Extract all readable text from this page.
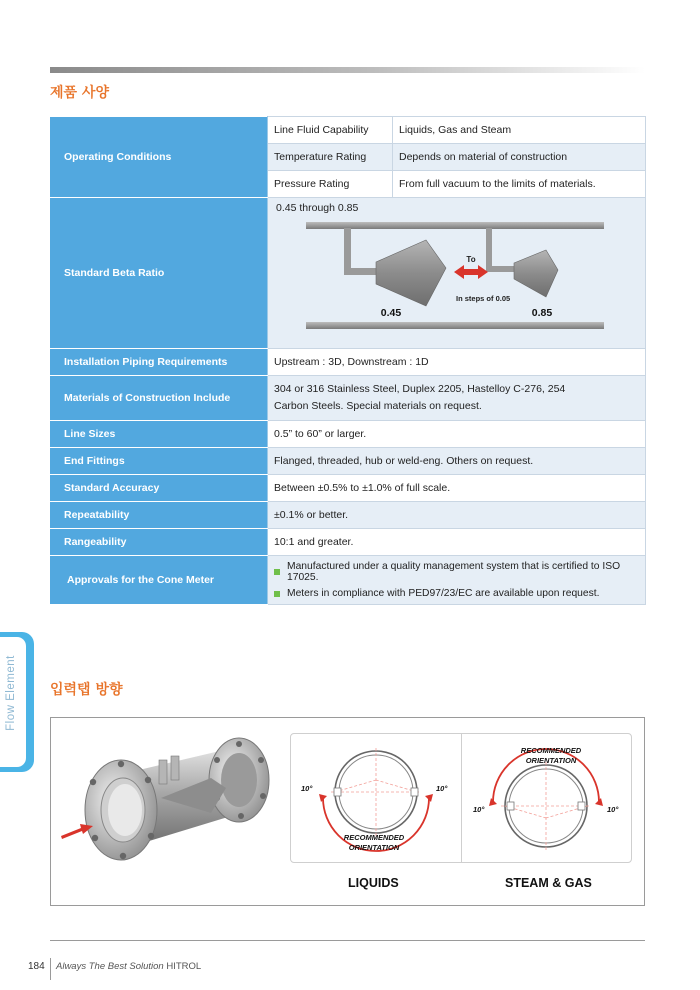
제품 사양
Operating Conditions	Line Fluid Capability	Liquids, Gas and Steam
	Temperature Rating	Depends on material of construction
	Pressure Rating	From full vacuum to the limits of materials.
Standard Beta Ratio	0.45 through 0.85
To
In steps of 0.05
0.45 0.85	

Installation Piping Requirements	Upstream : 3D, Downstream : 1D	
Materials of Construction Include	304 or 316 Stainless Steel, Duplex 2205, Hastelloy C-276, 254
Carbon Steels. Special materials on request.	

Line Sizes	0.5” to 60” or larger.	
End Fittings	Flanged, threaded, hub or weld-eng. Others on request.	
Standard Accuracy	Between ±0.5% to ±1.0% of full scale.	
Repeatability	±0.1% or better.	
Rangeability	10:1 and greater.	
Approvals for the Cone Meter	Manufactured under a quality management system that is certified to ISO 17025.
Meters in compliance with PED97/23/EC are available upon request.	
Flow Element 입력탭 방향
10°	10°
RECOMMENDED
ORIENTATION
10°	10°
RECOMMENDED
ORIENTATION
LIQUIDS	STEAM & GAS
184 Always The Best Solution HITROL
